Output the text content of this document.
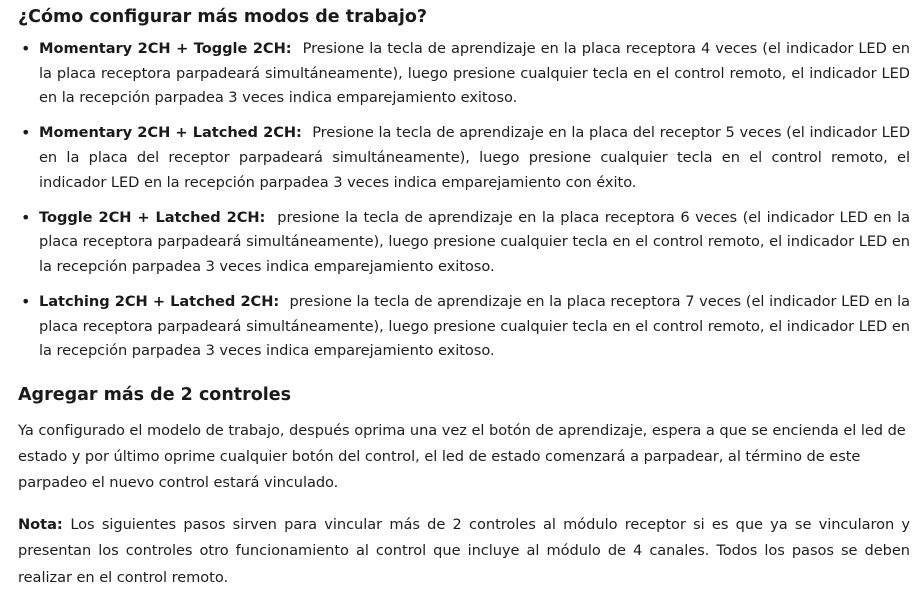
¿Cómo configurar más modos de trabajo?
• Momentary 2CH + Toggle 2CH: Presione la tecla de aprendizaje en la placa receptora 4 veces (el indicador LED en la placa receptora parpadeará simultáneamente), luego presione cualquier tecla en el control remoto, el indicador LED en la recepción parpadea 3 veces indica emparejamiento exitoso.
• Momentary 2CH + Latched 2CH: Presione la tecla de aprendizaje en la placa del receptor 5 veces (el indicador LED en la placa del receptor parpadeará simultáneamente), luego presione cualquier tecla en el control remoto, el indicador LED en la recepción parpadea 3 veces indica emparejamiento con éxito.
• Toggle 2CH + Latched 2CH: presione la tecla de aprendizaje en la placa receptora 6 veces (el indicador LED en la placa receptora parpadeará simultáneamente), luego presione cualquier tecla en el control remoto, el indicador LED en la recepción parpadea 3 veces indica emparejamiento exitoso.
• Latching 2CH + Latched 2CH: presione la tecla de aprendizaje en la placa receptora 7 veces (el indicador LED en la placa receptora parpadeará simultáneamente), luego presione cualquier tecla en el control remoto, el indicador LED en la recepción parpadea 3 veces indica emparejamiento exitoso.
Agregar más de 2 controles

Ya configurado el modelo de trabajo, después oprima una vez el botón de aprendizaje, espera a que se encienda el led de estado y por último oprime cualquier botón del control, el led de estado comenzará a parpadear, al término de este parpadeo el nuevo control estará vinculado.

Nota: Los siguientes pasos sirven para vincular más de 2 controles al módulo receptor si es que ya se vincularon y presentan los controles otro funcionamiento al control que incluye al módulo de 4 canales. Todos los pasos se deben realizar en el control remoto.
